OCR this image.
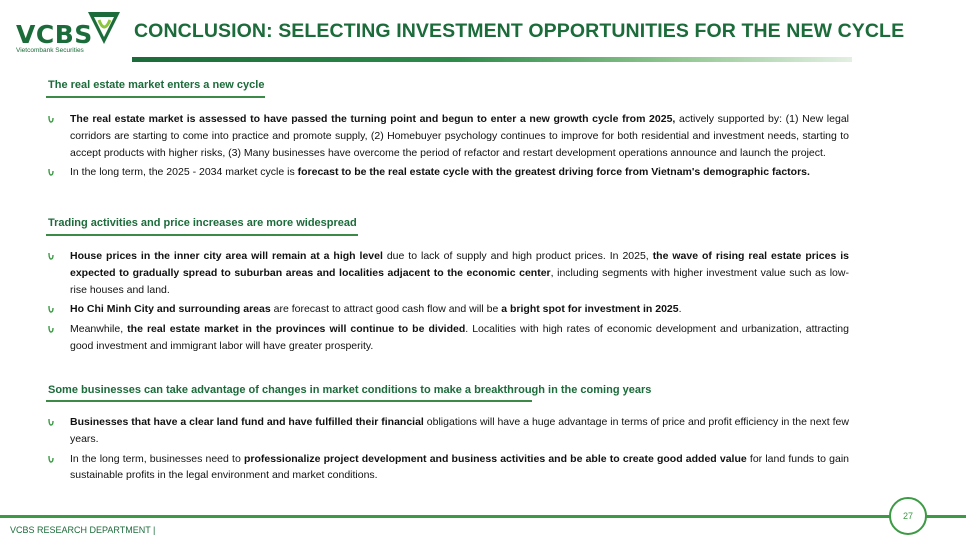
VCBS
Vietcombank Securities
CONCLUSION: SELECTING INVESTMENT OPPORTUNITIES FOR THE NEW CYCLE
The real estate market enters a new cycle
The real estate market is assessed to have passed the turning point and begun to enter a new growth cycle from 2025, actively supported by: (1) New legal corridors are starting to come into practice and promote supply, (2) Homebuyer psychology continues to improve for both residential and investment needs, starting to accept products with higher risks, (3) Many businesses have overcome the period of refactor and restart development operations announce and launch the project.
In the long term, the 2025 - 2034 market cycle is forecast to be the real estate cycle with the greatest driving force from Vietnam's demographic factors.
Trading activities and price increases are more widespread
House prices in the inner city area will remain at a high level due to lack of supply and high product prices. In 2025, the wave of rising real estate prices is expected to gradually spread to suburban areas and localities adjacent to the economic center, including segments with higher investment value such as low-rise houses and land.
Ho Chi Minh City and surrounding areas are forecast to attract good cash flow and will be a bright spot for investment in 2025.
Meanwhile, the real estate market in the provinces will continue to be divided. Localities with high rates of economic development and urbanization, attracting good investment and immigrant labor will have greater prosperity.
Some businesses can take advantage of changes in market conditions to make a breakthrough in the coming years
Businesses that have a clear land fund and have fulfilled their financial obligations will have a huge advantage in terms of price and profit efficiency in the next few years.
In the long term, businesses need to professionalize project development and business activities and be able to create good added value for land funds to gain sustainable profits in the legal environment and market conditions.
VCBS RESEARCH DEPARTMENT |
27
